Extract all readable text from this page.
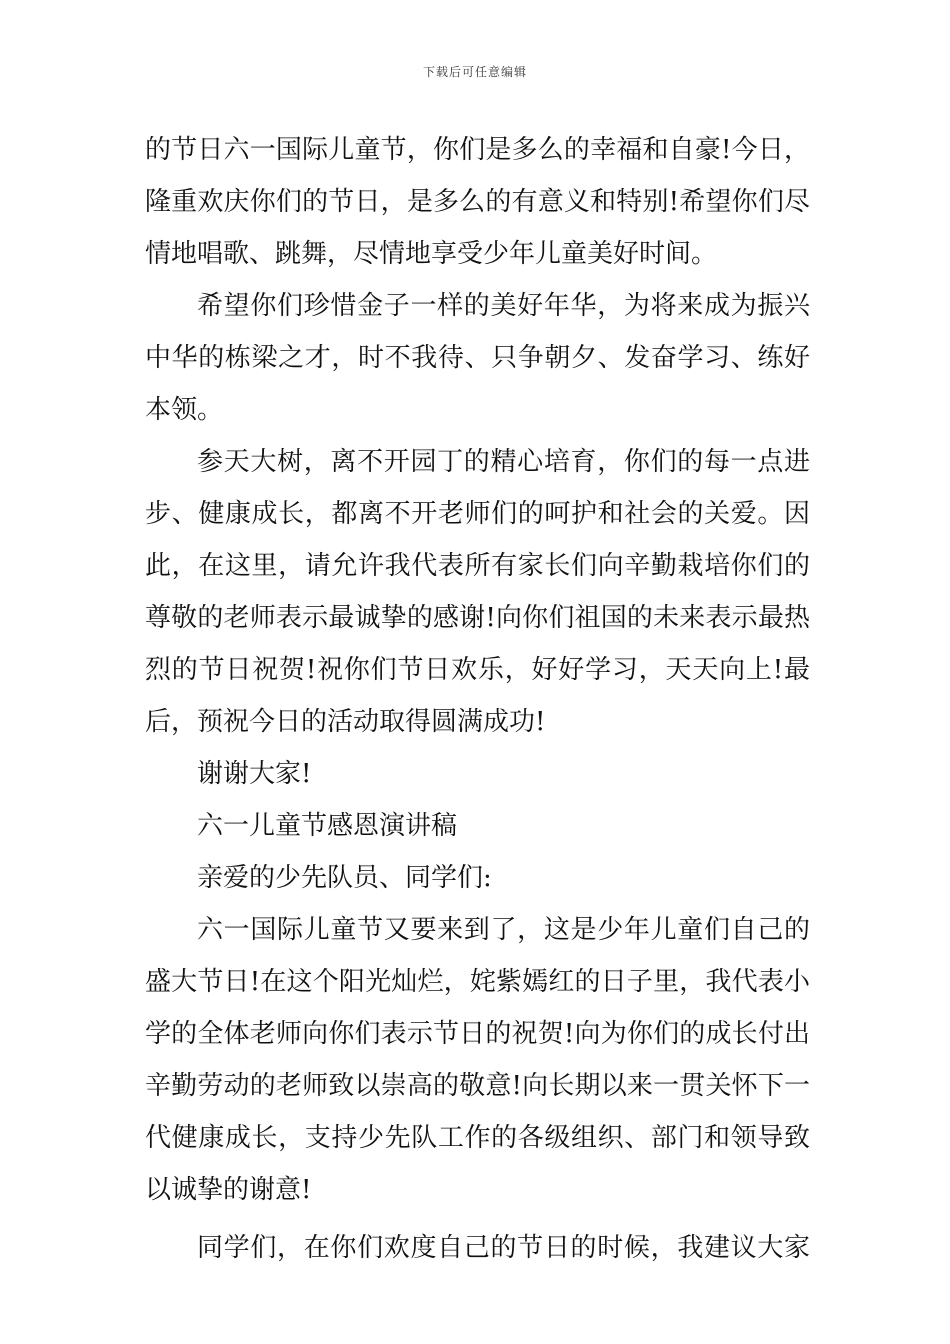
下载后可任意编辑
的节日六一国际儿童节，你们是多么的幸福和自豪!今日，
隆重欢庆你们的节日，是多么的有意义和特别!希望你们尽
情地唱歌、跳舞，尽情地享受少年儿童美好时间。
希望你们珍惜金子一样的美好年华，为将来成为振兴
中华的栋梁之才，时不我待、只争朝夕、发奋学习、练好
本领。
参天大树，离不开园丁的精心培育，你们的每一点进
步、健康成长，都离不开老师们的呵护和社会的关爱。因
此，在这里，请允许我代表所有家长们向辛勤栽培你们的
尊敬的老师表示最诚挚的感谢!向你们祖国的未来表示最热
烈的节日祝贺!祝你们节日欢乐，好好学习，天天向上!最
后，预祝今日的活动取得圆满成功!
谢谢大家!
六一儿童节感恩演讲稿
亲爱的少先队员、同学们:
六一国际儿童节又要来到了，这是少年儿童们自己的
盛大节日!在这个阳光灿烂，姹紫嫣红的日子里，我代表小
学的全体老师向你们表示节日的祝贺!向为你们的成长付出
辛勤劳动的老师致以崇高的敬意!向长期以来一贯关怀下一
代健康成长，支持少先队工作的各级组织、部门和领导致
以诚挚的谢意!
同学们，在你们欢度自己的节日的时候，我建议大家
